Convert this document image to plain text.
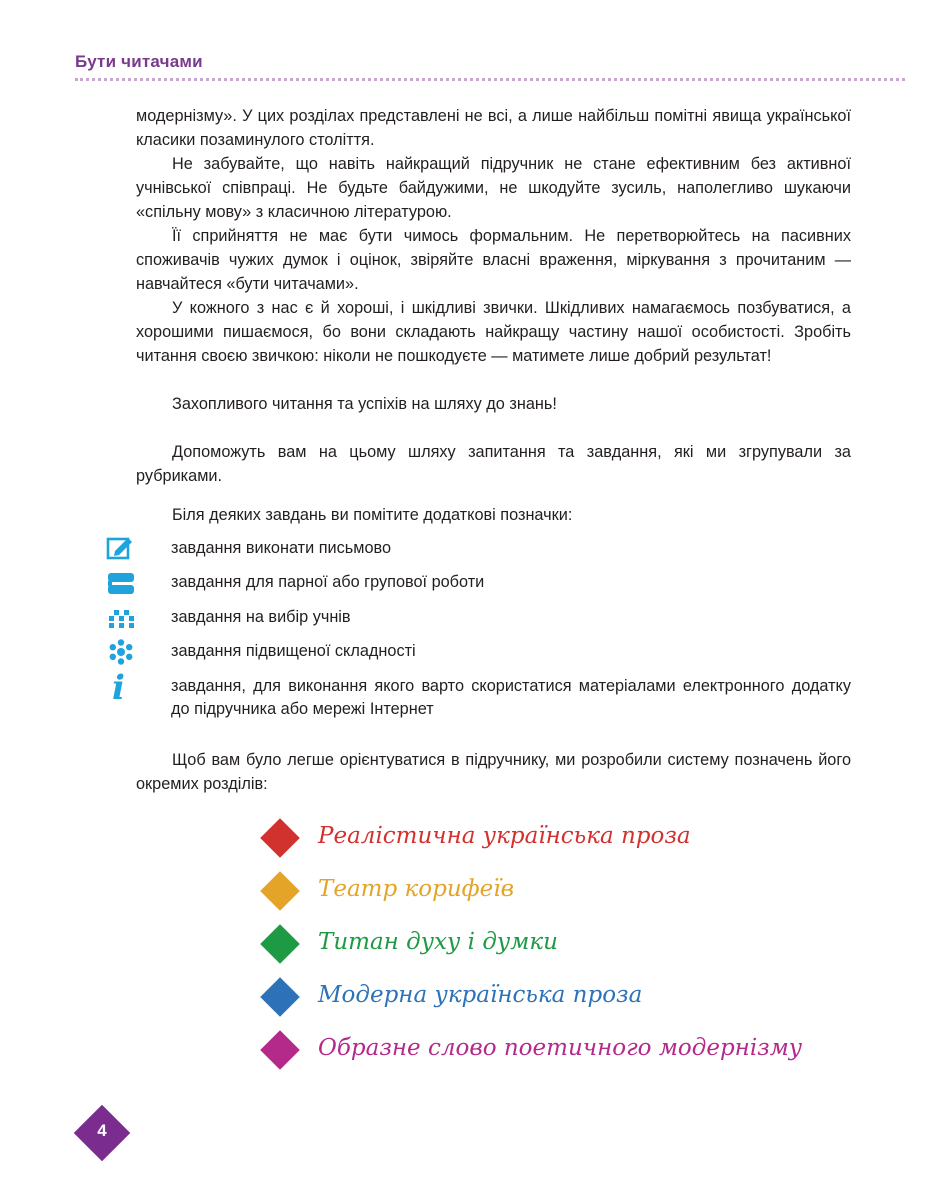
Бути читачами

модернізму». У цих розділах представлені не всі, а лише найбільш помітні явища української класики позаминулого століття.

Не забувайте, що навіть найкращий підручник не стане ефективним без активної учнівської співпраці. Не будьте байдужими, не шкодуйте зусиль, наполегливо шукаючи «спільну мову» з класичною літературою.

Її сприйняття не має бути чимось формальним. Не перетворюйтесь на пасивних споживачів чужих думок і оцінок, звіряйте власні враження, міркування з прочитаним — навчайтеся «бути читачами».

У кожного з нас є й хороші, і шкідливі звички. Шкідливих намагаємось позбуватися, а хорошими пишаємося, бо вони складають найкращу частину нашої особистості. Зробіть читання своєю звичкою: ніколи не пошкодуєте — матимете лише добрий результат!

Захопливого читання та успіхів на шляху до знань!

Допоможуть вам на цьому шляху запитання та завдання, які ми згрупували за рубриками.

Біля деяких завдань ви помітите додаткові позначки:

завдання виконати письмово
завдання для парної або групової роботи
завдання на вибір учнів
завдання підвищеної складності
i	завдання, для виконання якого варто скористатися матеріалами електронного додатку до підручника або мережі Інтернет

Щоб вам було легше орієнтуватися в підручнику, ми розробили систему позначень його окремих розділів:

Реалістична українська проза
Театр корифеїв
Титан духу і думки
Модерна українська проза
Образне слово поетичного модернізму
4
